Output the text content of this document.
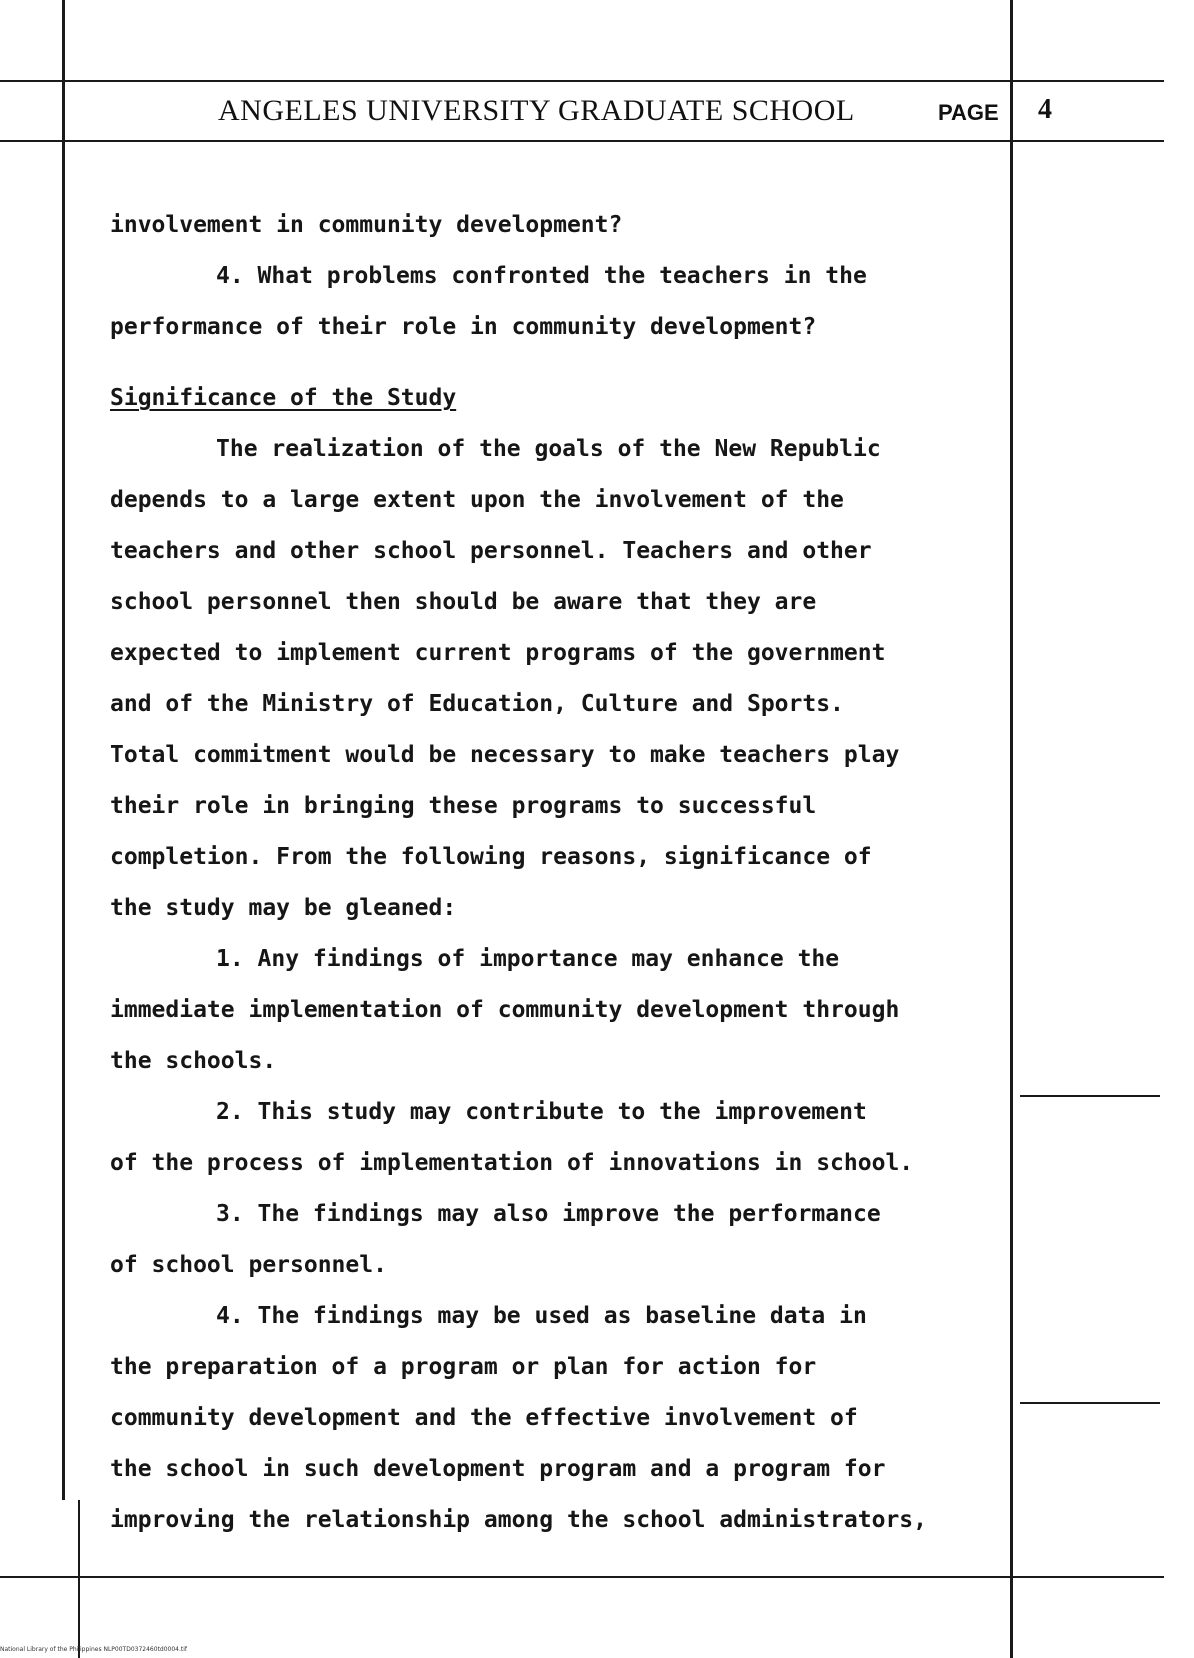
ANGELES UNIVERSITY GRADUATE SCHOOL	PAGE 4
involvement in community development?
4. What problems confronted the teachers in the
performance of their role in community development?
Significance of the Study
The realization of the goals of the New Republic
depends to a large extent upon the involvement of the
teachers and other school personnel. Teachers and other
school personnel then should be aware that they are
expected to implement current programs of the government
and of the Ministry of Education, Culture and Sports.
Total commitment would be necessary to make teachers play
their role in bringing these programs to successful
completion. From the following reasons, significance of
the study may be gleaned:
1. Any findings of importance may enhance the
immediate implementation of community development through
the schools.
2. This study may contribute to the improvement
of the process of implementation of innovations in school.
3. The findings may also improve the performance
of school personnel.
4. The findings may be used as baseline data in
the preparation of a program or plan for action for
community development and the effective involvement of
the school in such development program and a program for
improving the relationship among the school administrators,
National Library of the Philippines NLP00TD0372460td0004.tif
